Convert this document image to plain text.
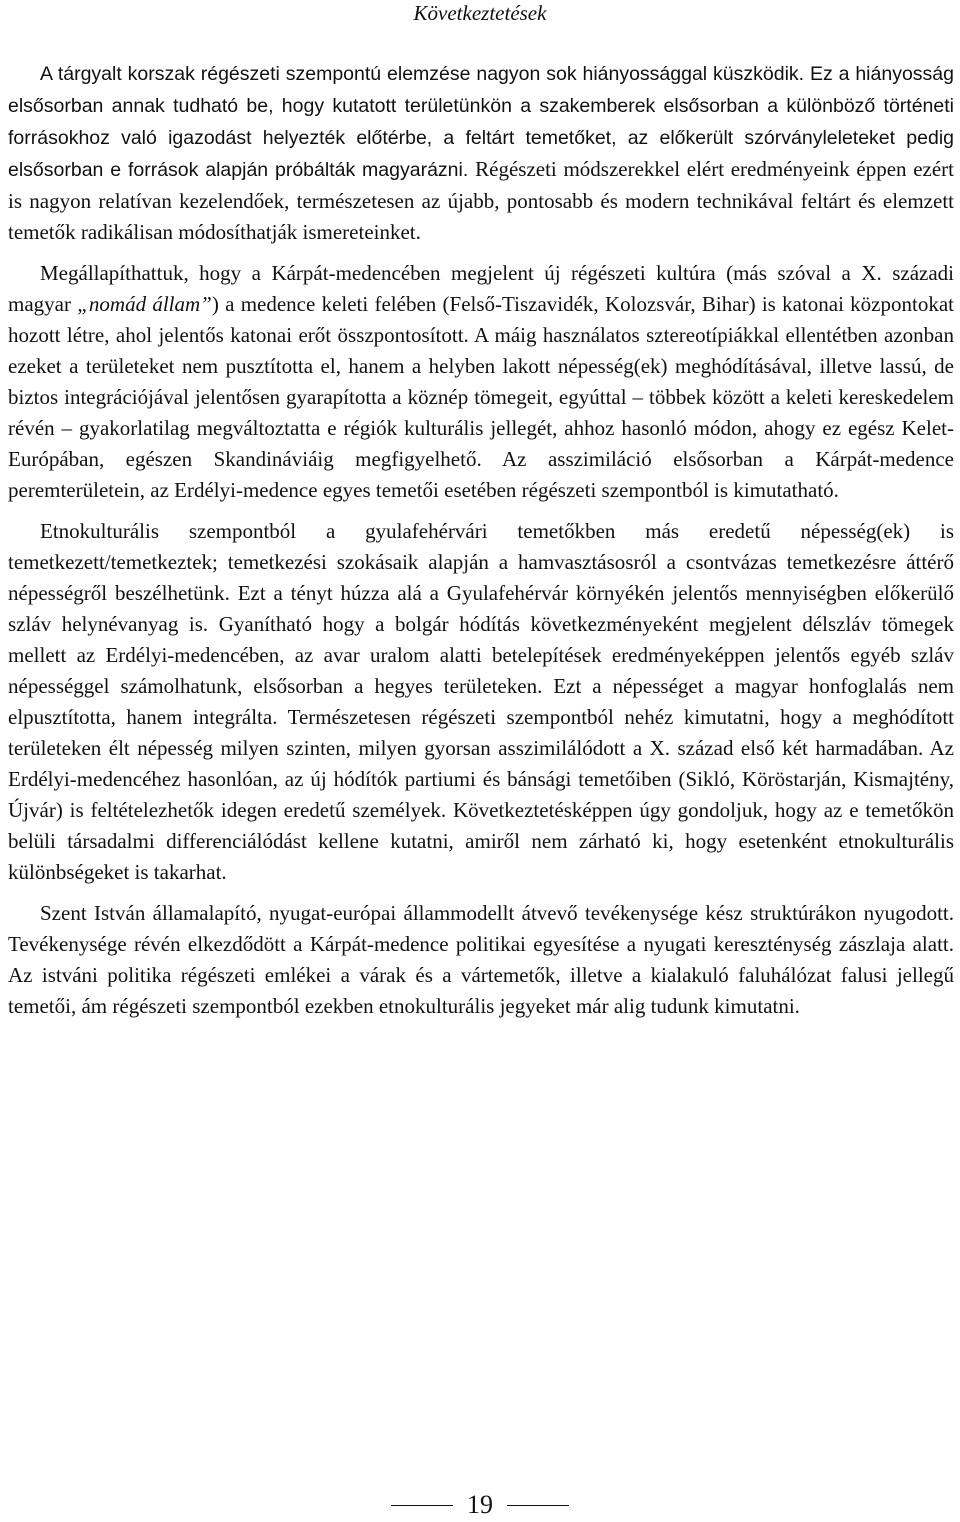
Következtetések

A tárgyalt korszak régészeti szempontú elemzése nagyon sok hiányossággal küszködik. Ez a hiányosság elsősorban annak tudható be, hogy kutatott területünkön a szakemberek elsősorban a különböző történeti forrásokhoz való igazodást helyezték előtérbe, a feltárt temetőket, az előkerült szórványleleteket pedig elsősorban e források alapján próbálták magyarázni. Régészeti módszerekkel elért eredményeink éppen ezért is nagyon relatívan kezelendőek, természetesen az újabb, pontosabb és modern technikával feltárt és elemzett temetők radikálisan módosíthatják ismereteinket.

Megállapíthattuk, hogy a Kárpát-medencében megjelent új régészeti kultúra (más szóval a X. századi magyar „nomád állam”) a medence keleti felében (Felső-Tiszavidék, Kolozsvár, Bihar) is katonai központokat hozott létre, ahol jelentős katonai erőt összpontosított. A máig használatos sztereotípiákkal ellentétben azonban ezeket a területeket nem pusztította el, hanem a helyben lakott népesség(ek) meghódításával, illetve lassú, de biztos integrációjával jelentősen gyarapította a köznép tömegeit, egyúttal – többek között a keleti kereskedelem révén – gyakorlatilag megváltoztatta e régiók kulturális jellegét, ahhoz hasonló módon, ahogy ez egész Kelet-Európában, egészen Skandináviáig megfigyelhető. Az asszimiláció elsősorban a Kárpát-medence peremterületein, az Erdélyi-medence egyes temetői esetében régészeti szempontból is kimutatható.

Etnokulturális szempontból a gyulafehérvári temetőkben más eredetű népesség(ek) is temetkezett/temetkeztek; temetkezési szokásaik alapján a hamvasztásosról a csontvázas temetkezésre áttérő népességről beszélhetünk. Ezt a tényt húzza alá a Gyulafehérvár környékén jelentős mennyiségben előkerülő szláv helynévanyag is. Gyanítható hogy a bolgár hódítás következményeként megjelent délszláv tömegek mellett az Erdélyi-medencében, az avar uralom alatti betelepítések eredményeképpen jelentős egyéb szláv népességgel számolhatunk, elsősorban a hegyes területeken. Ezt a népességet a magyar honfoglalás nem elpusztította, hanem integrálta. Természetesen régészeti szempontból nehéz kimutatni, hogy a meghódított területeken élt népesség milyen szinten, milyen gyorsan asszimilálódott a X. század első két harmadában. Az Erdélyi-medencéhez hasonlóan, az új hódítók partiumi és bánsági temetőiben (Sikló, Köröstarján, Kismajtény, Újvár) is feltételezhetők idegen eredetű személyek. Következtetésképpen úgy gondoljuk, hogy az e temetőkön belüli társadalmi differenciálódást kellene kutatni, amiről nem zárható ki, hogy esetenként etnokulturális különbségeket is takarhat.

Szent István államalapító, nyugat-európai állammodellt átvevő tevékenysége kész struktúrákon nyugodott. Tevékenysége révén elkezdődött a Kárpát-medence politikai egyesítése a nyugati kereszténység zászlaja alatt. Az istváni politika régészeti emlékei a várak és a vártemetők, illetve a kialakuló faluhálózat falusi jellegű temetői, ám régészeti szempontból ezekben etnokulturális jegyeket már alig tudunk kimutatni.

19
